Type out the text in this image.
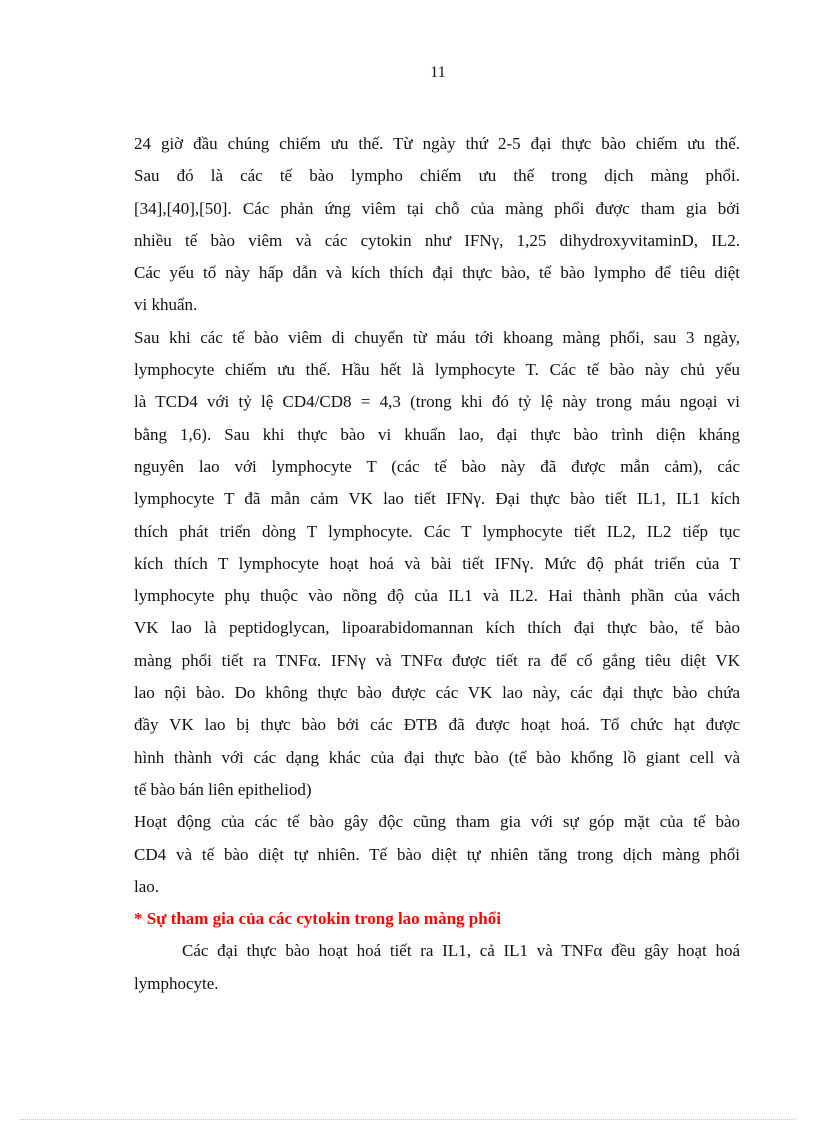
11

24 giờ đầu chúng chiếm ưu thế. Từ ngày thứ 2-5 đại thực bào chiếm ưu thế.
Sau đó là các tế bào lympho chiếm ưu thế trong dịch màng phổi.
[34],[40],[50]. Các phản ứng viêm tại chỗ của màng phổi được tham gia bởi
nhiều tế bào viêm và các cytokin như IFNγ, 1,25 dihydroxyvitaminD, IL2.
Các yếu tố này hấp dẫn và kích thích đại thực bào, tế bào lympho để tiêu diệt
vi khuẩn.

Sau khi các tế bào viêm di chuyển từ máu tới khoang màng phổi, sau 3 ngày,
lymphocyte chiếm ưu thế. Hầu hết là lymphocyte T. Các tế bào này chủ yếu
là TCD4 với tỷ lệ CD4/CD8 = 4,3 (trong khi đó tỷ lệ này trong máu ngoại vi
bằng 1,6). Sau khi thực bào vi khuẩn lao, đại thực bào trình diện kháng
nguyên lao với lymphocyte T (các tế bào này đã được mẫn cảm), các
lymphocyte T đã mẫn cảm VK lao tiết IFNγ. Đại thực bào tiết IL1, IL1 kích
thích phát triển dòng T lymphocyte. Các T lymphocyte tiết IL2, IL2 tiếp tục
kích thích T lymphocyte hoạt hoá và bài tiết IFNγ. Mức độ phát triển của T
lymphocyte phụ thuộc vào nồng độ của IL1 và IL2. Hai thành phần của vách
VK lao là peptidoglycan, lipoarabidomannan kích thích đại thực bào, tế bào
màng phổi tiết ra TNFα. IFNγ và TNFα được tiết ra để cố gắng tiêu diệt VK
lao nội bào. Do không thực bào được các VK lao này, các đại thực bào chứa
đầy VK lao bị thực bào bởi các ĐTB đã được hoạt hoá. Tổ chức hạt được
hình thành với các dạng khác của đại thực bào (tế bào khổng lồ giant cell và
tế bào bán liên epitheliod)

Hoạt động của các tế bào gây độc cũng tham gia với sự góp mặt của tế bào
CD4 và tế bào diệt tự nhiên. Tế bào diệt tự nhiên tăng trong dịch màng phổi
lao.

* Sự tham gia của các cytokin trong lao màng phổi

Các đại thực bào hoạt hoá tiết ra IL1, cả IL1 và TNFα đều gây hoạt hoá
lymphocyte.
